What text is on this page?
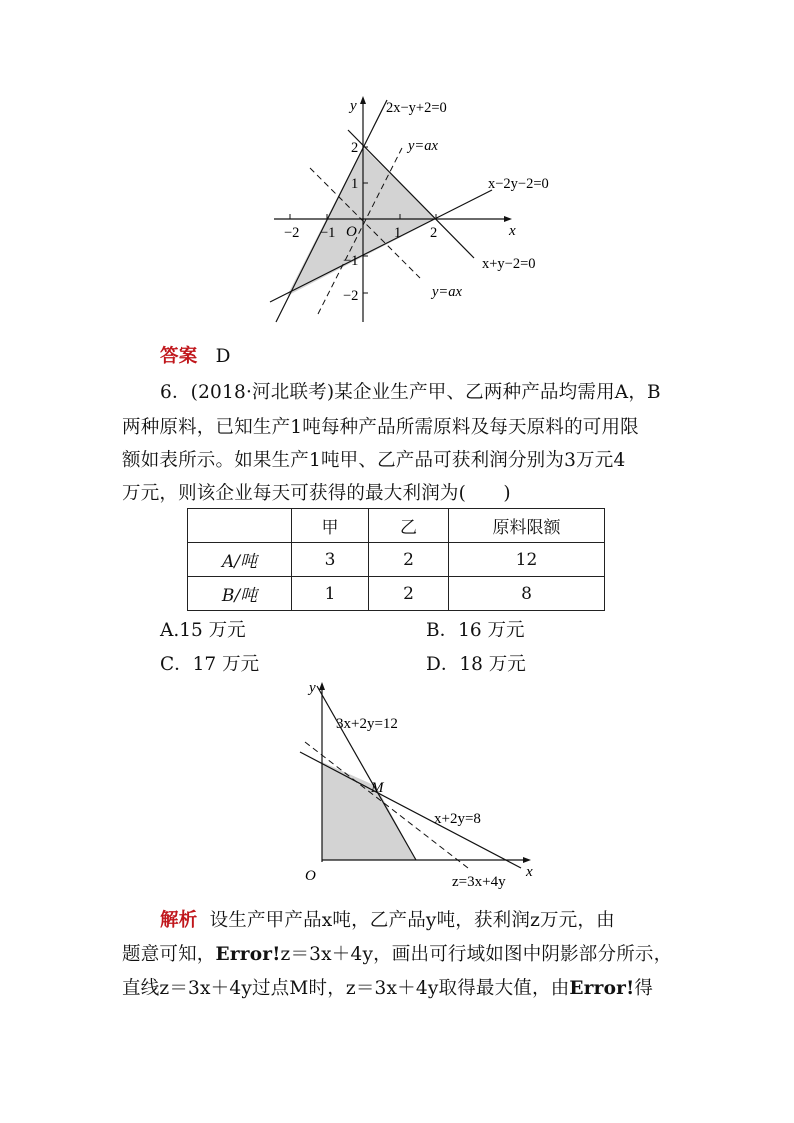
y
x
O
2x−y+2=0
y=ax
x−2y−2=0
x+y−2=0
y=ax
−2 −1	1 2
2
1
−1
−2
答案 D
6．(2018·河北联考)某企业生产甲、乙两种产品均需用A，B
两种原料，已知生产1吨每种产品所需原料及每天原料的可用限
额如表所示。如果生产1吨甲、乙产品可获利润分别为3万元4
万元，则该企业每天可获得的最大利润为(　　)
	甲	乙	原料限额
A/吨	3	2	12
B/吨	1	2	8
A.15 万元	B．16 万元
C．17 万元	D．18 万元
y
x
O
M
3x+2y=12
x+2y=8
z=3x+4y
解析 设生产甲产品x吨，乙产品y吨，获利润z万元，由
题意可知，Error!z＝3x＋4y，画出可行域如图中阴影部分所示，
直线z＝3x＋4y过点M时，z＝3x＋4y取得最大值，由Error!得
